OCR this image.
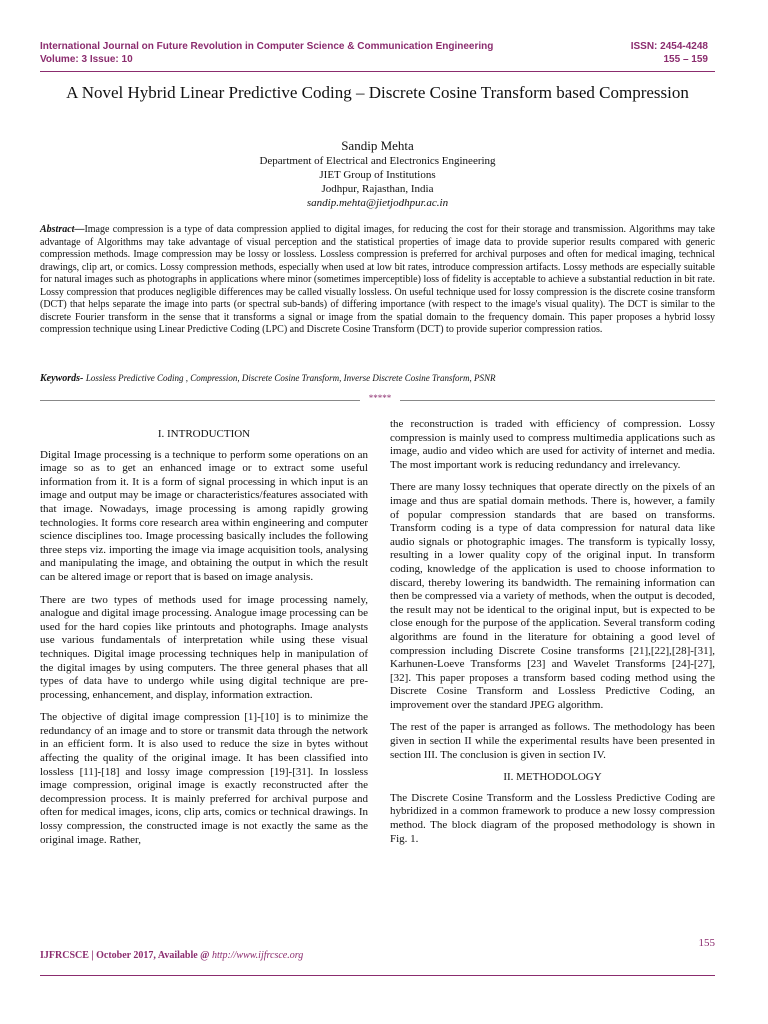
International Journal on Future Revolution in Computer Science & Communication Engineering
Volume: 3 Issue: 10
ISSN: 2454-4248
155 – 159
A Novel Hybrid Linear Predictive Coding – Discrete Cosine Transform based Compression
Sandip Mehta
Department of Electrical and Electronics Engineering
JIET Group of Institutions
Jodhpur, Rajasthan, India
sandip.mehta@jietjodhpur.ac.in
Abstract—Image compression is a type of data compression applied to digital images, for reducing the cost for their storage and transmission. Algorithms may take advantage of Algorithms may take advantage of visual perception and the statistical properties of image data to provide superior results compared with generic compression methods. Image compression may be lossy or lossless. Lossless compression is preferred for archival purposes and often for medical imaging, technical drawings, clip art, or comics. Lossy compression methods, especially when used at low bit rates, introduce compression artifacts. Lossy methods are especially suitable for natural images such as photographs in applications where minor (sometimes imperceptible) loss of fidelity is acceptable to achieve a substantial reduction in bit rate. Lossy compression that produces negligible differences may be called visually lossless. On useful technique used for lossy compression is the discrete cosine transform (DCT) that helps separate the image into parts (or spectral sub-bands) of differing importance (with respect to the image's visual quality). The DCT is similar to the discrete Fourier transform in the sense that it transforms a signal or image from the spatial domain to the frequency domain. This paper proposes a hybrid lossy compression technique using Linear Predictive Coding (LPC) and Discrete Cosine Transform (DCT) to provide superior compression ratios.
Keywords- Lossless Predictive Coding , Compression, Discrete Cosine Transform, Inverse Discrete Cosine Transform, PSNR
*****
I. INTRODUCTION

Digital Image processing is a technique to perform some operations on an image so as to get an enhanced image or to extract some useful information from it. It is a form of signal processing in which input is an image and output may be image or characteristics/features associated with that image. Nowadays, image processing is among rapidly growing technologies. It forms core research area within engineering and computer science disciplines too. Image processing basically includes the following three steps viz. importing the image via image acquisition tools, analysing and manipulating the image, and obtaining the output in which the result can be altered image or report that is based on image analysis.

There are two types of methods used for image processing namely, analogue and digital image processing. Analogue image processing can be used for the hard copies like printouts and photographs. Image analysts use various fundamentals of interpretation while using these visual techniques. Digital image processing techniques help in manipulation of the digital images by using computers. The three general phases that all types of data have to undergo while using digital technique are pre-processing, enhancement, and display, information extraction.

The objective of digital image compression [1]-[10] is to minimize the redundancy of an image and to store or transmit data through the network in an efficient form. It is also used to reduce the size in bytes without affecting the quality of the original image. It has been classified into lossless [11]-[18] and lossy image compression [19]-[31]. In lossless image compression, original image is exactly reconstructed after the decompression process. It is mainly preferred for archival purpose and often for medical images, icons, clip arts, comics or technical drawings. In lossy compression, the constructed image is not exactly the same as the original image. Rather,

the reconstruction is traded with efficiency of compression. Lossy compression is mainly used to compress multimedia applications such as image, audio and video which are used for activity of internet and media. The most important work is reducing redundancy and irrelevancy.

There are many lossy techniques that operate directly on the pixels of an image and thus are spatial domain methods. There is, however, a family of popular compression standards that are based on transforms. Transform coding is a type of data compression for natural data like audio signals or photographic images. The transform is typically lossy, resulting in a lower quality copy of the original input. In transform coding, knowledge of the application is used to choose information to discard, thereby lowering its bandwidth. The remaining information can then be compressed via a variety of methods, when the output is decoded, the result may not be identical to the original input, but is expected to be close enough for the purpose of the application. Several transform coding algorithms are found in the literature for obtaining a good level of compression including Discrete Cosine transforms [21],[22],[28]-[31], Karhunen-Loeve Transforms [23] and Wavelet Transforms [24]-[27],[32]. This paper proposes a transform based coding method using the Discrete Cosine Transform and Lossless Predictive Coding, an improvement over the standard JPEG algorithm.

The rest of the paper is arranged as follows. The methodology has been given in section II while the experimental results have been presented in section III. The conclusion is given in section IV.

II. METHODOLOGY

The Discrete Cosine Transform and the Lossless Predictive Coding are hybridized in a common framework to produce a new lossy compression method. The block diagram of the proposed methodology is shown in Fig. 1.

155
IJFRCSCE | October 2017, Available @ http://www.ijfrcsce.org
